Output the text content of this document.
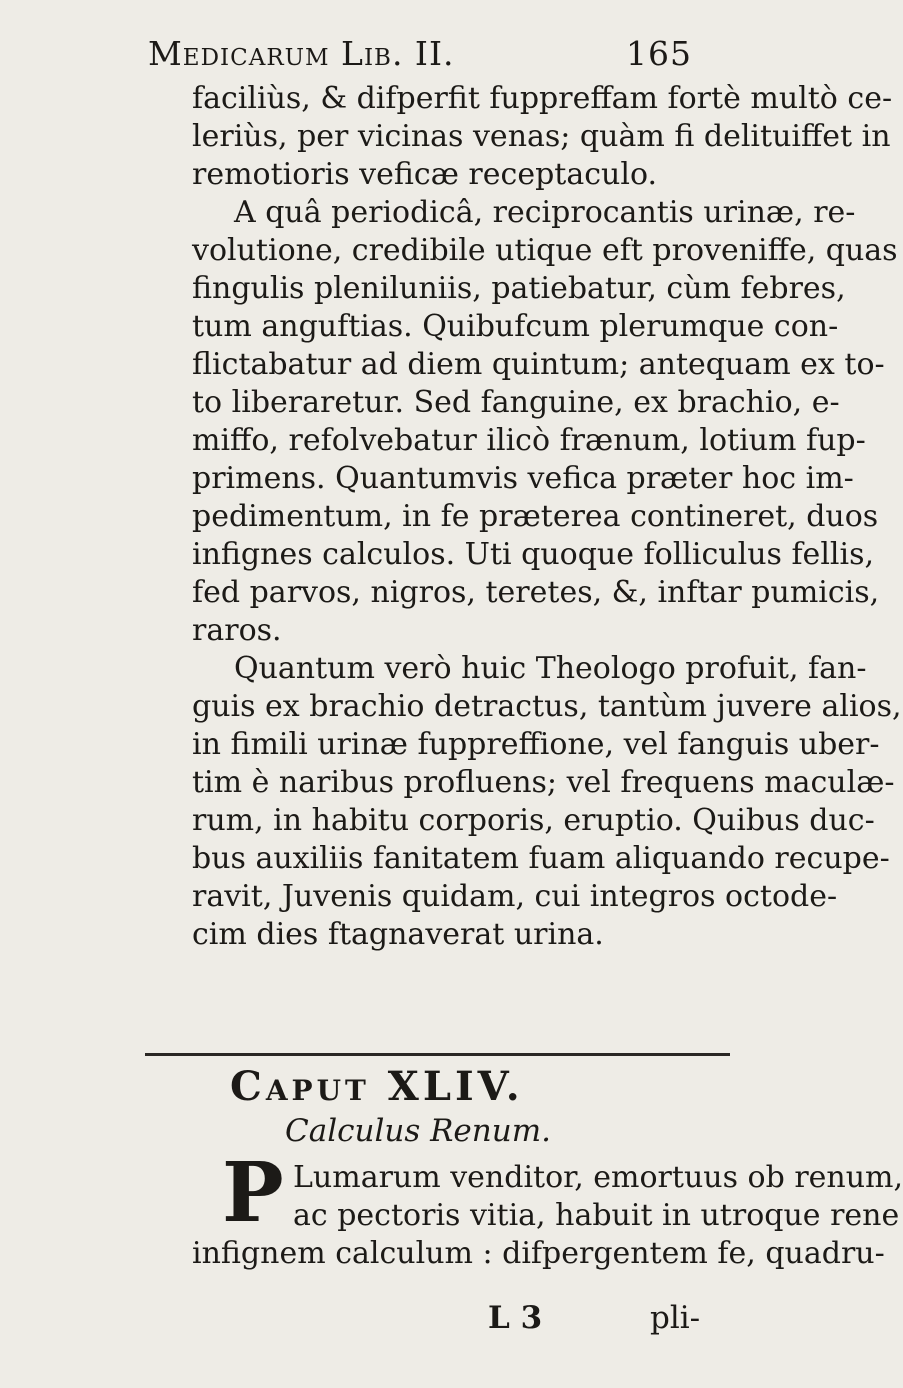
Medicarum Lib. II.	165
faciliùs, & difperfit fuppreffam fortè multò ce-
leriùs, per vicinas venas; quàm fi delituiffet in
remotioris veficæ receptaculo.
A quâ periodicâ, reciprocantis urinæ, re-
volutione, credibile utique eft proveniffe, quas
fingulis pleniluniis, patiebatur, cùm febres,
tum anguftias. Quibufcum plerumque con-
flictabatur ad diem quintum; antequam ex to-
to liberaretur. Sed fanguine, ex brachio, e-
miffo, refolvebatur ilicò frænum, lotium fup-
primens. Quantumvis vefica præter hoc im-
pedimentum, in fe præterea contineret, duos
infignes calculos. Uti quoque folliculus fellis,
fed parvos, nigros, teretes, &, inftar pumicis,
raros.
Quantum verò huic Theologo profuit, fan-
guis ex brachio detractus, tantùm juvere alios,
in fimili urinæ fuppreffione, vel fanguis uber-
tim è naribus profluens; vel frequens maculæ-
rum, in habitu corporis, eruptio. Quibus duc-
bus auxiliis fanitatem fuam aliquando recupe-
ravit, Juvenis quidam, cui integros octode-
cim dies ftagnaverat urina.
Caput XLIV.
Calculus Renum.
P Lumarum venditor, emortuus ob renum,
ac pectoris vitia, habuit in utroque rene
infignem calculum : difpergentem fe, quadru-
L 3	pli-
